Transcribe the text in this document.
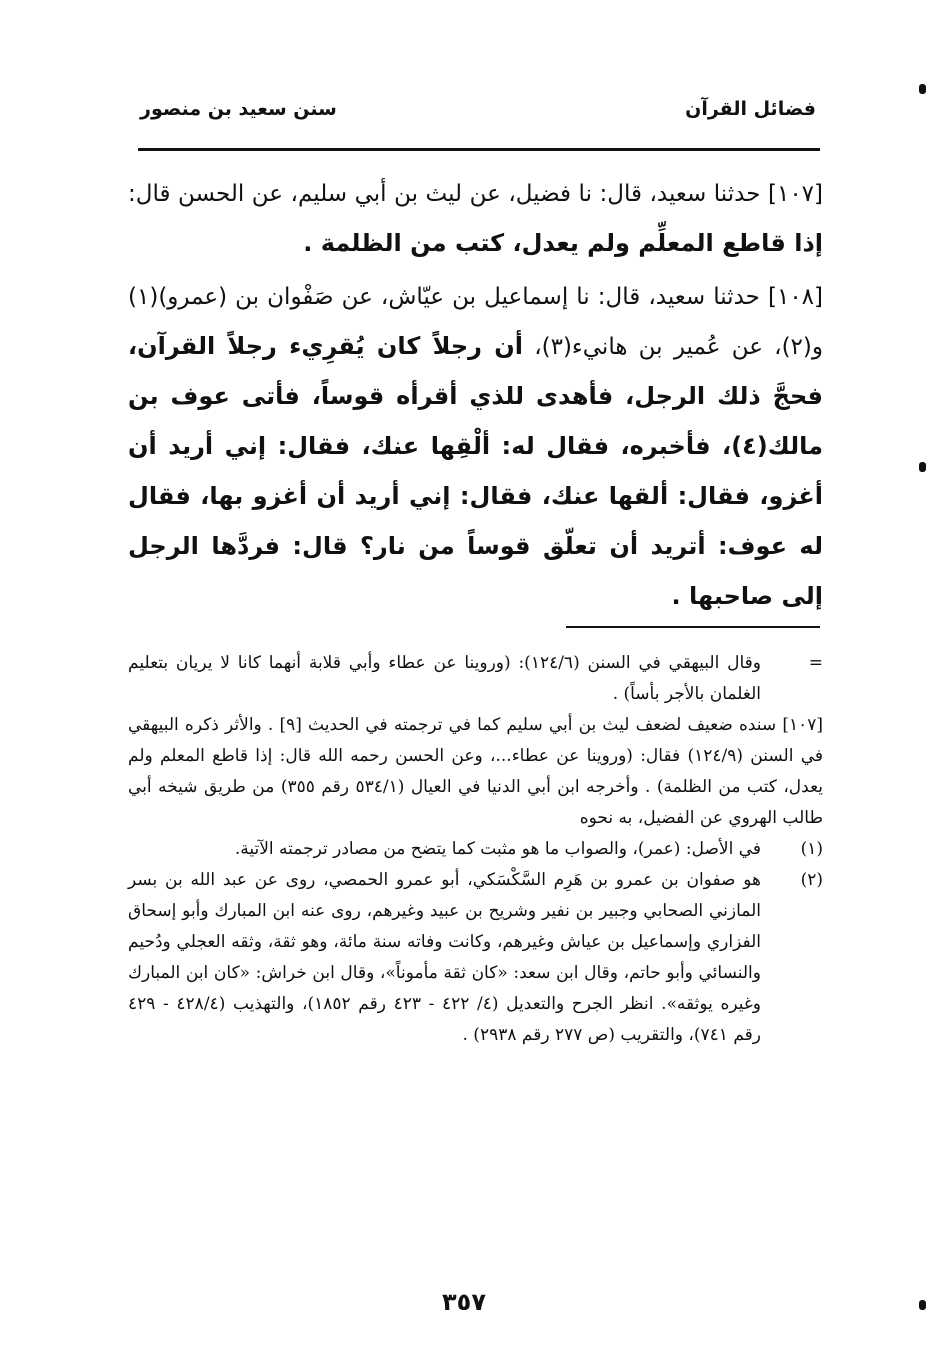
فضائل القرآن
سنن سعيد بن منصور

[١٠٧] حدثنا سعيد، قال: نا فضيل، عن ليث بن أبي سليم، عن الحسن قال: إذا قاطع المعلِّم ولم يعدل، كتب من الظلمة .

[١٠٨] حدثنا سعيد، قال: نا إسماعيل بن عيّاش، عن صَفْوان بن (عمرو)(١) و(٢)، عن عُمير بن هانيء(٣)، أن رجلاً كان يُقرِيء رجلاً القرآن، فحجَّ ذلك الرجل، فأهدى للذي أقرأه قوساً، فأتى عوف بن مالك(٤)، فأخبره، فقال له: ألْقِها عنك، فقال: إني أريد أن أغزو، فقال: ألقها عنك، فقال: إني أريد أن أغزو بها، فقال له عوف: أتريد أن تعلّق قوساً من نار؟ قال: فردَّها الرجل إلى صاحبها .

=
وقال البيهقي في السنن (١٢٤/٦): (وروينا عن عطاء وأبي قلابة أنهما كانا لا يريان بتعليم الغلمان بالأجر بأساً) .
[١٠٧] سنده ضعيف لضعف ليث بن أبي سليم كما في ترجمته في الحديث [٩] . والأثر ذكره البيهقي في السنن (١٢٤/٩) فقال: (وروينا عن عطاء...، وعن الحسن رحمه الله قال: إذا قاطع المعلم ولم يعدل، كتب من الظلمة) . وأخرجه ابن أبي الدنيا في العيال (٥٣٤/١ رقم ٣٥٥) من طريق شيخه أبي طالب الهروي عن الفضيل، به نحوه
(١)
في الأصل: (عمر)، والصواب ما هو مثبت كما يتضح من مصادر ترجمته الآتية.
(٢)
هو صفوان بن عمرو بن هَرِم السَّكْسَكي، أبو عمرو الحمصي، روى عن عبد الله بن بسر المازني الصحابي وجبير بن نفير وشريح بن عبيد وغيرهم، روى عنه ابن المبارك وأبو إسحاق الفزاري وإسماعيل بن عياش وغيرهم، وكانت وفاته سنة مائة، وهو ثقة، وثقه العجلي ودُحيم والنسائي وأبو حاتم، وقال ابن سعد: «كان ثقة مأموناً»، وقال ابن خراش: «كان ابن المبارك وغيره يوثقه». انظر الجرح والتعديل (٤/ ٤٢٢ - ٤٢٣ رقم ١٨٥٢)، والتهذيب (٤٢٨/٤ - ٤٢٩ رقم ٧٤١)، والتقريب (ص ٢٧٧ رقم ٢٩٣٨) .
٣٥٧
